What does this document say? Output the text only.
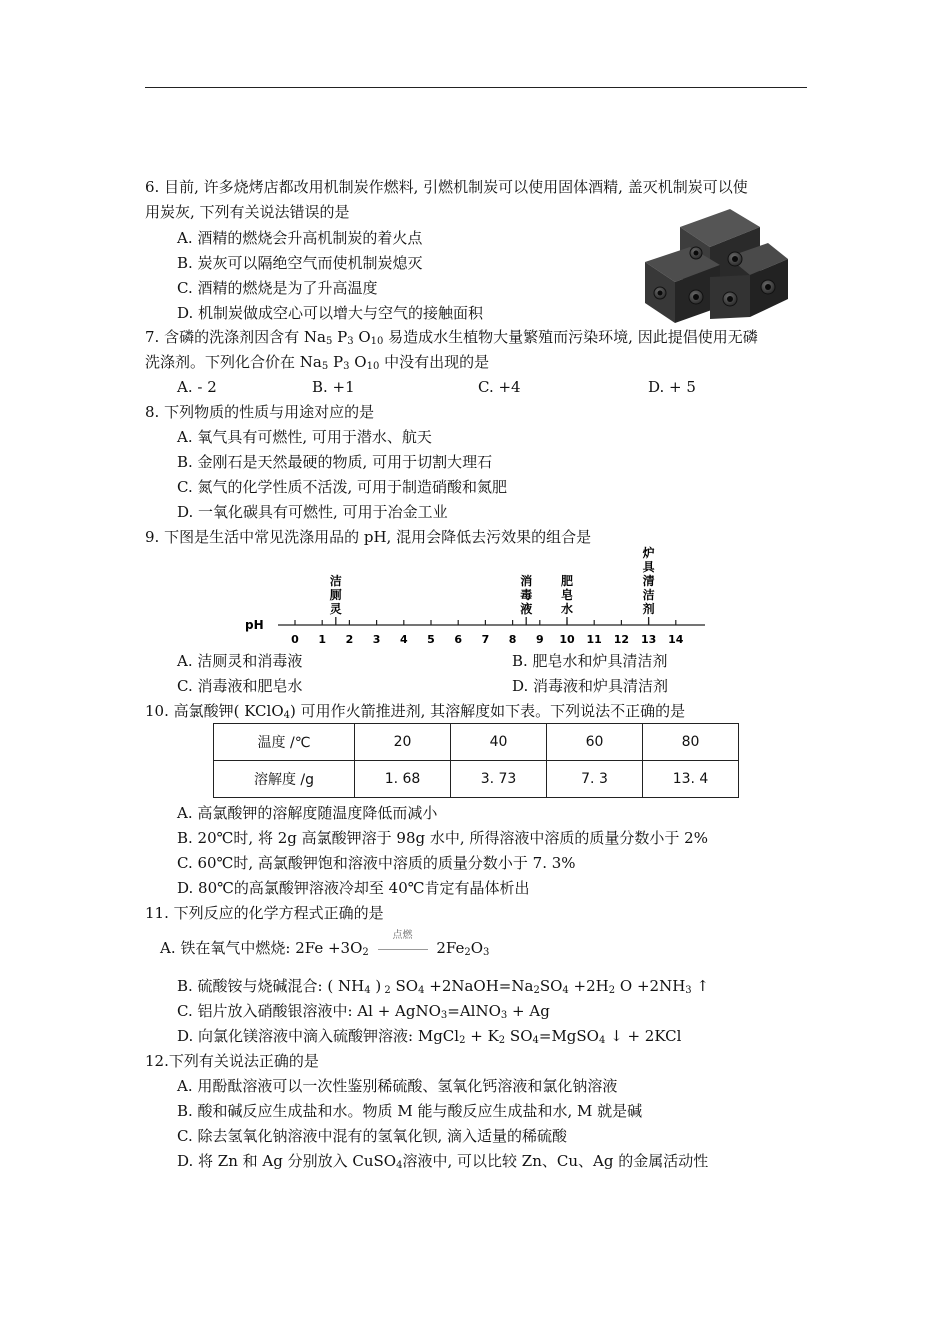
6. 目前, 许多烧烤店都改用机制炭作燃料, 引燃机制炭可以使用固体酒精, 盖灭机制炭可以使
用炭灰, 下列有关说法错误的是
A. 酒精的燃烧会升高机制炭的着火点
B. 炭灰可以隔绝空气而使机制炭熄灭
C. 酒精的燃烧是为了升高温度
D. 机制炭做成空心可以增大与空气的接触面积
7. 含磷的洗涤剂因含有 $Na_5$ $P_3$ $O_{10}$ 易造成水生植物大量繁殖而污染环境, 因此提倡使用无磷
洗涤剂。下列化合价在 $Na_5$ $P_3$ $O_{10}$ 中没有出现的是
A. - 2	B. +1	C. +4	D. + 5
8. 下列物质的性质与用途对应的是
A. 氧气具有可燃性, 可用于潜水、航天
B. 金刚石是天然最硬的物质, 可用于切割大理石
C. 氮气的化学性质不活泼, 可用于制造硝酸和氮肥
D. 一氧化碳具有可燃性, 可用于冶金工业
9. 下图是生活中常见洗涤用品的 pH, 混用会降低去污效果的组合是
pH
0 1 2 3 4 5 6 7 8 9 10 11 12 13 14
洁
厕
灵
消
毒
液
肥
皂
水
炉
具
清
洁
剂
A. 洁厕灵和消毒液	B. 肥皂水和炉具清洁剂
C. 消毒液和肥皂水	D. 消毒液和炉具清洁剂
10. 高氯酸钾( KClO$_4$) 可用作火箭推进剂, 其溶解度如下表。下列说法不正确的是
温度 /℃	20	40	60	80
溶解度 /g	1. 68	3. 73	7. 3	13. 4
A. 高氯酸钾的溶解度随温度降低而减小
B. 20℃时, 将 2g 高氯酸钾溶于 98g 水中, 所得溶液中溶质的质量分数小于 2%
C. 60℃时, 高氯酸钾饱和溶液中溶质的质量分数小于 7. 3%
D. 80℃的高氯酸钾溶液冷却至 40℃肯定有晶体析出
11. 下列反应的化学方程式正确的是
A. 铁在氧气中燃烧: $2Fe +3O_2$
点燃
$2Fe_2O_3$
B. 硫酸铵与烧碱混合: ( $NH_4$ ) $_2$ $SO_4$ $+2NaOH=Na_2SO_4 +2H_2$ $O +2NH_3$ ↑
C. 铝片放入硝酸银溶液中: Al + AgNO$_3$=AlNO$_3$ + Ag
D. 向氯化镁溶液中滴入硫酸钾溶液: MgCl$_2$ + $K_2$ $SO_4=MgSO_4$ ↓ + 2KCl
12.下列有关说法正确的是
A. 用酚酞溶液可以一次性鉴别稀硫酸、氢氧化钙溶液和氯化钠溶液
B. 酸和碱反应生成盐和水。物质 M 能与酸反应生成盐和水, M 就是碱
C. 除去氢氧化钠溶液中混有的氢氧化钡, 滴入适量的稀硫酸
D. 将 Zn 和 Ag 分别放入 CuSO$_4$溶液中, 可以比较 Zn、Cu、Ag 的金属活动性
